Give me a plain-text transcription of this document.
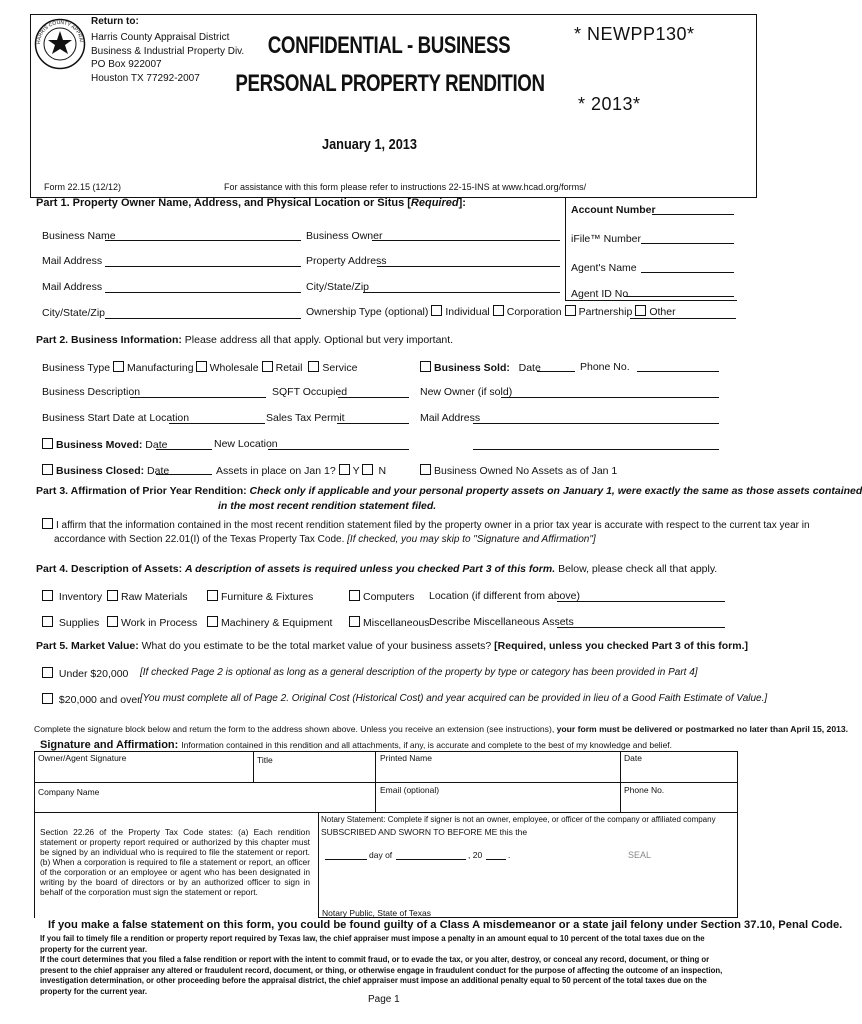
HARRIS COUNTY APPRAI
Return to:
Harris County Appraisal District
Business & Industrial Property Div.
PO Box 922007
Houston TX 77292-2007
CONFIDENTIAL - BUSINESS
PERSONAL PROPERTY RENDITION
* NEWPP130*
* 2013*
January 1, 2013
Form 22.15 (12/12)	For assistance with this form please refer to instructions 22-15-INS at www.hcad.org/forms/
Part 1. Property Owner Name, Address, and Physical Location or Situs [Required]:
Account Number
iFile™ Number
Agent's Name
Agent ID No.
Business Name	Business Owner
Mail Address	Property Address
Mail Address	City/State/Zip
City/State/Zip	Ownership Type (optional) Individual Corporation Partnership Other
Part 2. Business Information: Please address all that apply. Optional but very important.
Business Type Manufacturing Wholesale Retail Service	Business Sold: Date	Phone No.
Business Description	SQFT Occupied	New Owner (if sold)
Business Start Date at Location	Sales Tax Permit	Mail Address
Business Moved: Date	New Location
Business Closed: Date	Assets in place on Jan 1? Y N	Business Owned No Assets as of Jan 1
Part 3. Affirmation of Prior Year Rendition: Check only if applicable and your personal property assets on January 1, were exactly the same as those assets contained
in the most recent rendition statement filed.
I affirm that the information contained in the most recent rendition statement filed by the property owner in a prior tax year is accurate with respect to the current tax year in
accordance with Section 22.01(I) of the Texas Property Tax Code. [If checked, you may skip to "Signature and Affirmation"]
Part 4. Description of Assets: A description of assets is required unless you checked Part 3 of this form. Below, please check all that apply.
Inventory	Raw Materials	Furniture & Fixtures	Computers Location (if different from above)
Supplies	Work in Process	Machinery & Equipment	Miscellaneous Describe Miscellaneous Assets
Part 5. Market Value: What do you estimate to be the total market value of your business assets? [Required, unless you checked Part 3 of this form.]
Under $20,000 [If checked Page 2 is optional as long as a general description of the property by type or category has been provided in Part 4]
$20,000 and over [You must complete all of Page 2. Original Cost (Historical Cost) and year acquired can be provided in lieu of a Good Faith Estimate of Value.]
Complete the signature block below and return the form to the address shown above. Unless you receive an extension (see instructions), your form must be delivered or postmarked no later than April 15, 2013.
Signature and Affirmation: Information contained in this rendition and all attachments, if any, is accurate and complete to the best of my knowledge and belief.
Owner/Agent Signature	Title	Printed Name	Date
Company Name	Email (optional)	Phone No.
Section 22.26 of the Property Tax Code states: (a) Each rendition statement or property report required or authorized by this chapter must be signed by an individual who is required to file the statement or report. (b) When a corporation is required to file a statement or report, an officer of the corporation or an employee or agent who has been designated in writing by the board of directors or by an authorized officer to sign in behalf of the corporation must sign the statement or report.
Notary Statement: Complete if signer is not an owner, employee, or officer of the company or affiliated company
SUBSCRIBED AND SWORN TO BEFORE ME this the
day of	, 20	.	SEAL
Notary Public, State of Texas
If you make a false statement on this form, you could be found guilty of a Class A misdemeanor or a state jail felony under Section 37.10, Penal Code.
If you fail to timely file a rendition or property report required by Texas law, the chief appraiser must impose a penalty in an amount equal to 10 percent of the total taxes due on the property for the current year.
If the court determines that you filed a false rendition or report with the intent to commit fraud, or to evade the tax, or you alter, destroy, or conceal any record, document, or thing or present to the chief appraiser any altered or fraudulent record, document, or thing, or otherwise engage in fraudulent conduct for the purpose of affecting the outcome of an inspection, investigation determination, or other proceeding before the appraisal district, the chief appraiser must impose an additional penalty equal to 50 percent of the total taxes due on the property for the current year.
Page 1
